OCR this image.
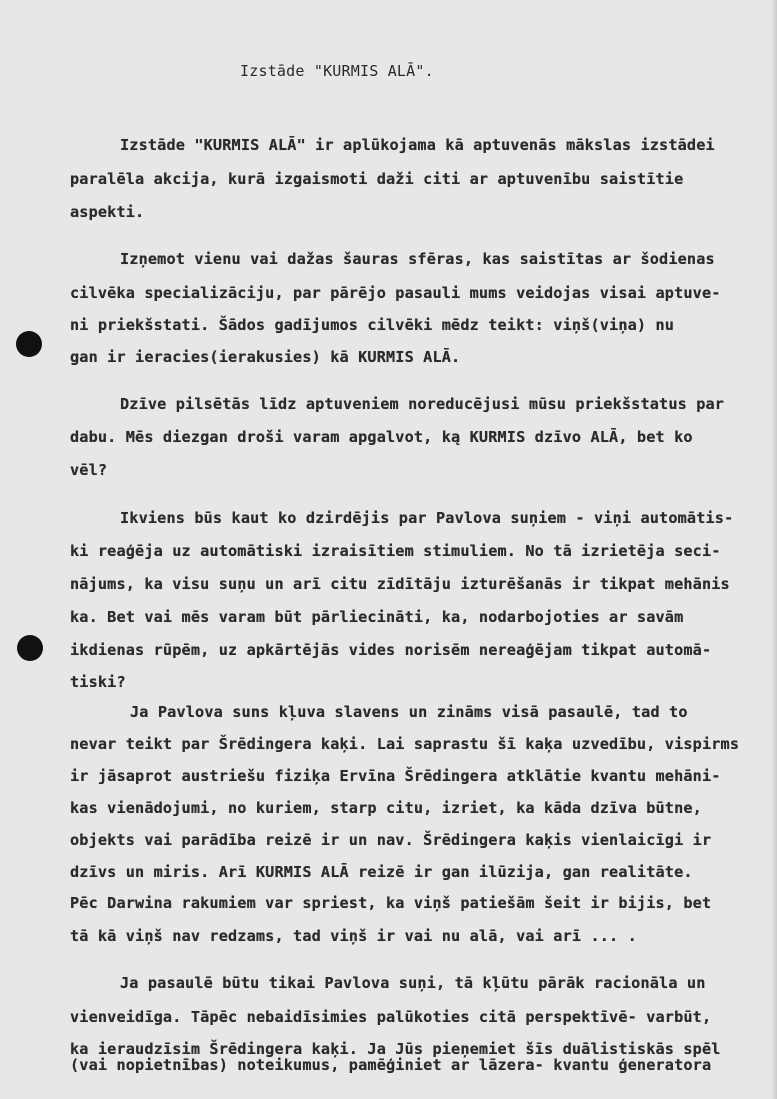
Izstāde "KURMIS ALĀ".
Izstāde "KURMIS ALĀ" ir aplūkojama kā aptuvenās mākslas izstādei
paralēla akcija, kurā izgaismoti daži citi ar aptuvenību saistītie
aspekti.
Izņemot vienu vai dažas šauras sfēras, kas saistītas ar šodienas
cilvēka specializāciju, par pārējo pasauli mums veidojas visai aptuve-
ni priekšstati. Šādos gadījumos cilvēki mēdz teikt: viņš(viņa) nu
gan ir ieracies(ierakusies) kā KURMIS ALĀ.
Dzīve pilsētās līdz aptuveniem noreducējusi mūsu priekšstatus par
dabu. Mēs diezgan droši varam apgalvot, ką KURMIS dzīvo ALĀ, bet ko
vēl?
Ikviens būs kaut ko dzirdējis par Pavlova suņiem - viņi automātis-
ki reaģēja uz automātiski izraisītiem stimuliem. No tā izrietēja seci-
nājums, ka visu suņu un arī citu zīdītāju izturēšanās ir tikpat mehānis
ka. Bet vai mēs varam būt pārliecināti, ka, nodarbojoties ar savām
ikdienas rūpēm, uz apkārtējās vides norisēm nereaģējam tikpat automā-
tiski?
Ja Pavlova suns kļuva slavens un zināms visā pasaulē, tad to
nevar teikt par Šrēdingera kaķi. Lai saprastu šī kaķa uzvedību, vispirms
ir jāsaprot austriešu fiziķa Ervīna Šrēdingera atklātie kvantu mehāni-
kas vienādojumi, no kuriem, starp citu, izriet, ka kāda dzīva būtne,
objekts vai parādība reizē ir un nav. Šrēdingera kaķis vienlaicīgi ir
dzīvs un miris. Arī KURMIS ALĀ reizē ir gan ilūzija, gan realitāte.
Pēc Darwina rakumiem var spriest, ka viņš patiešām šeit ir bijis, bet
tā kā viņš nav redzams, tad viņš ir vai nu alā, vai arī ... .
Ja pasaulē būtu tikai Pavlova suņi, tā kļūtu pārāk racionāla un
vienveidīga. Tāpēc nebaidīsimies palūkoties citā perspektīvē- varbūt,
ka ieraudzīsim Šrēdingera kaķi. Ja Jūs pieņemiet šīs duālistiskās spēl
(vai nopietnības) noteikumus, pamēģiniet ar lāzera- kvantu ģeneratora
